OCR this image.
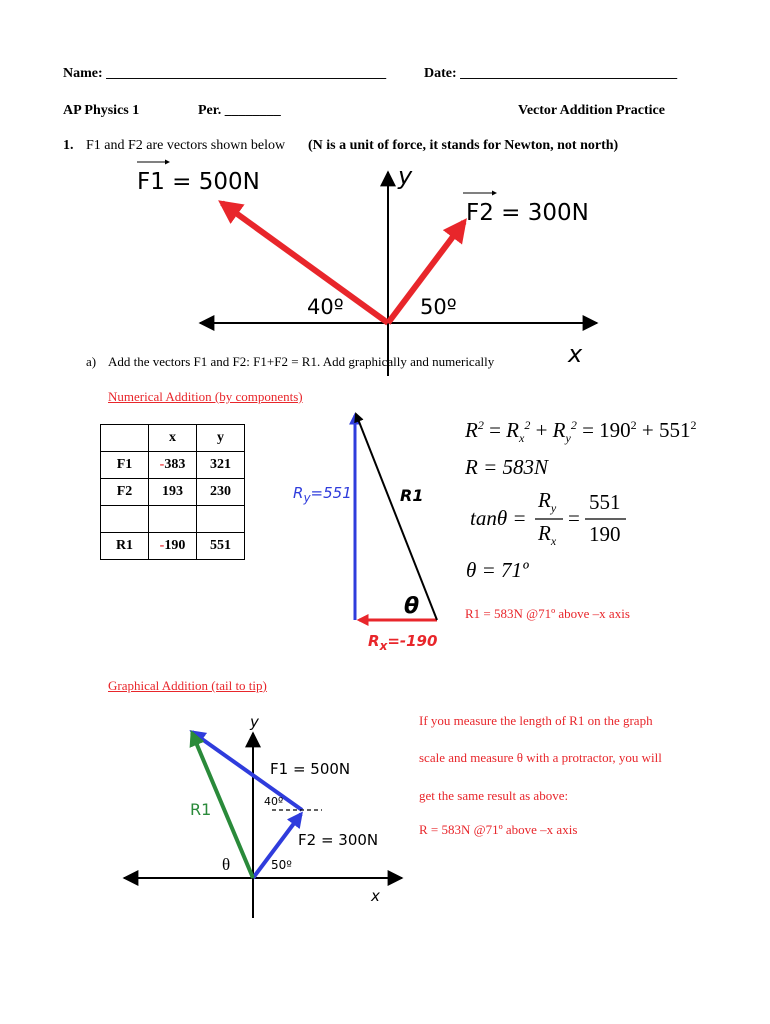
Name: ________________________________________	Date: _______________________________
AP Physics 1	Per. ________	Vector Addition Practice
1. F1 and F2 are vectors shown below (N is a unit of force, it stands for Newton, not north)
F1 = 500N
F2 = 300N
y
40º	50º
x
a) Add the vectors F1 and F2: F1+F2 = R1. Add graphically and numerically
Numerical Addition (by components)
	x	y
F1	-383	321
F2	193	230

R1	-190	551
$R_y=551$	R1
θ
$R_x=-190$
$R^2 = R_x^2 + R_y^2 = 190^2 + 551^2$
R = 583N
tanθ =
$R_y$
$R_x$
=
551
190
θ = 71º
R1 = 583N @71º above –x axis
Graphical Addition (tail to tip)
y
F1 = 500N
40º
R1
F2 = 300N
θ	50º
x
If you measure the length of R1 on the graph
scale and measure θ with a protractor, you will
get the same result as above:
R = 583N @71º above –x axis
